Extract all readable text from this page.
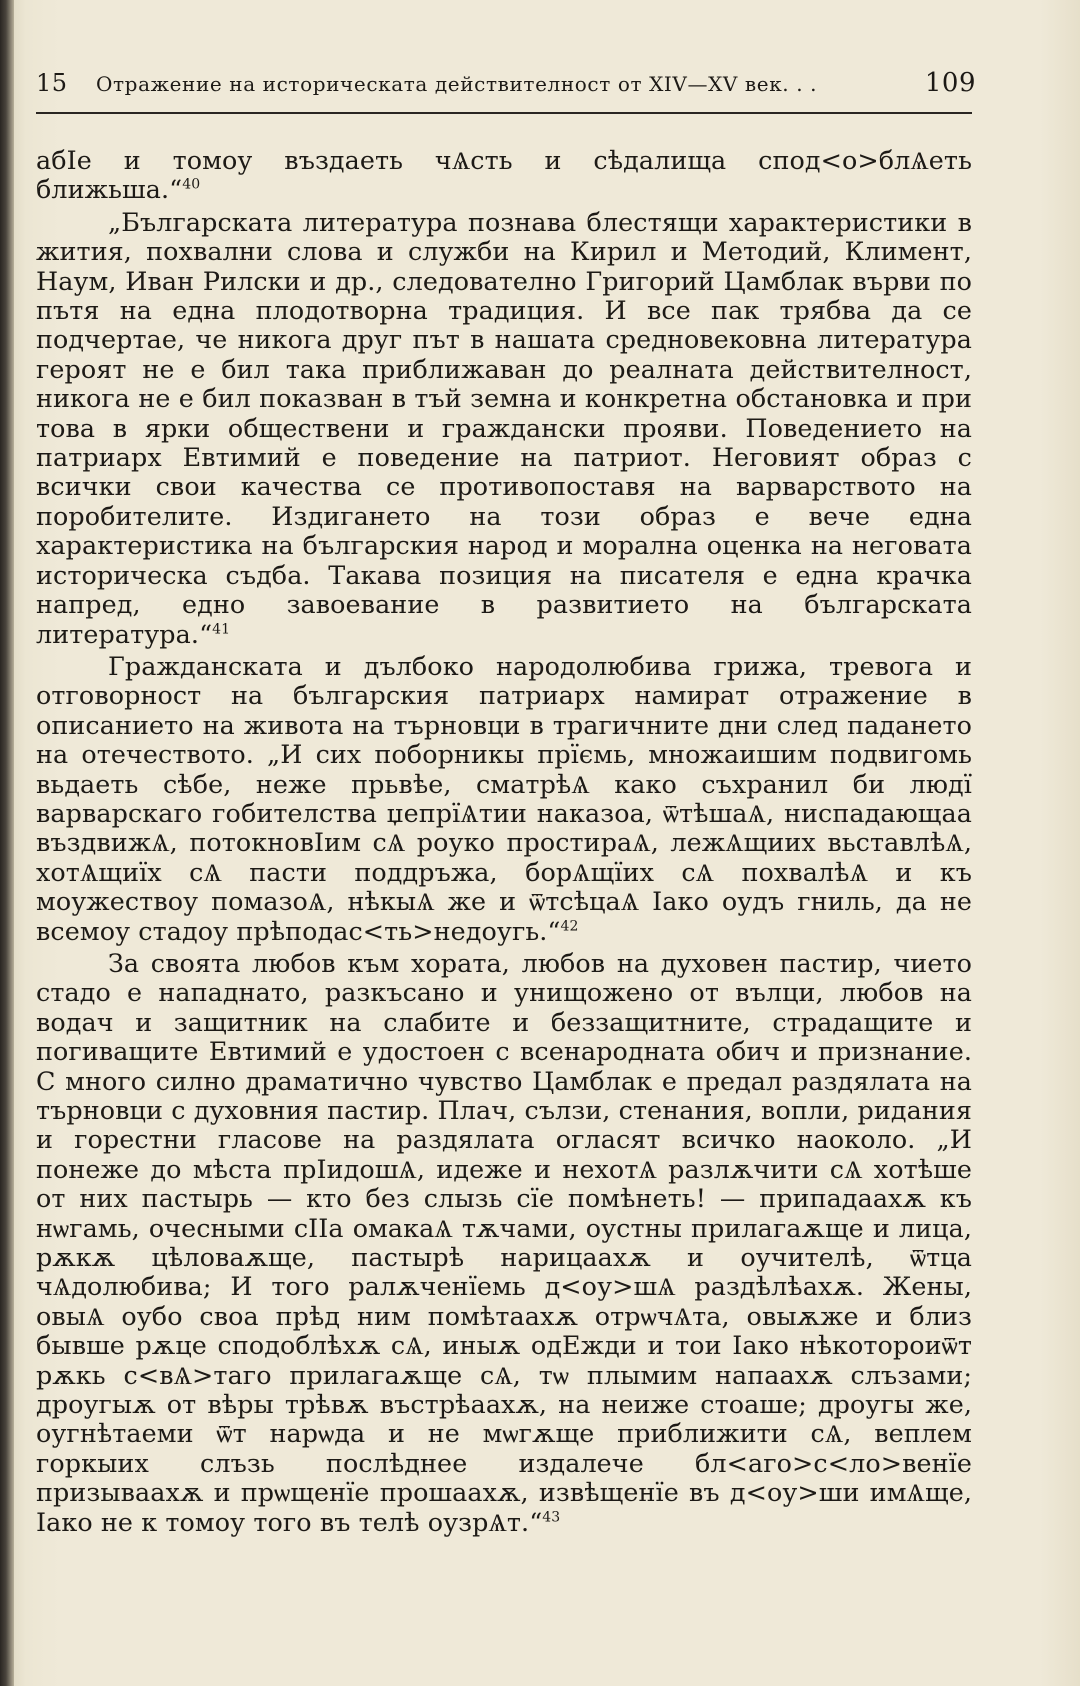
15	Отражение на историческата действителност от XIV—XV век. . .	109

абІе и томоу въздаеть чѦсть и сѣдалища спод<о>блѦеть ближьша.“$^{40}$

„Българската литература познава блестящи характеристики в жития, похвални слова и служби на Кирил и Методий, Климент, Наум, Иван Рилски и др., следователно Григорий Цамблак върви по пътя на една плодотворна традиция. И все пак трябва да се подчертае, че никога друг път в нашата средновековна литература героят не е бил така приближаван до реалната действителност, никога не е бил показван в тъй земна и конкретна обстановка и при това в ярки обществени и граждански прояви. Поведението на патриарх Евтимий е поведение на патриот. Неговият образ с всички свои качества се противопоставя на варварството на поробителите. Издигането на този образ е вече една характеристика на българския народ и морална оценка на неговата историческа съдба. Такава позиция на писателя е една крачка напред, едно завоевание в развитието на българската литература.“$^{41}$

Гражданската и дълбоко народолюбива грижа, тревога и отговорност на българския патриарх намират отражение в описанието на живота на търновци в трагичните дни след падането на отечеството. „И сих поборникы прїємь, множаишим подвигомь вьдаеть сѣбе, неже прьвѣе, сматрѣѦ како съхранил би людї варварскаго гобителства џепрїѦтии наказоа, ѿтѣшаѦ, ниспадающаа въздвижѦ, потокновІим сѦ роуко простираѦ, лежѦщиих вьставлѣѦ, хотѦщиїх сѦ пасти поддръжа, борѦщїих сѦ похвалѣѦ и къ моужествоу помазоѦ, нѣкыѦ же и ѿтсѣцаѦ Іако оудъ гниль, да не всемоу стадоу прѣподас<ть>недоугь.“$^{42}$

За своята любов към хората, любов на духовен пастир, чието стадо е нападнато, разкъсано и унищожено от вълци, любов на водач и защитник на слабите и беззащитните, страдащите и погиващите Евтимий е удостоен с всенародната обич и признание. С много силно драматично чувство Цамблак е предал раздялата на търновци с духовния пастир. Плач, сълзи, стенания, вопли, ридания и горестни гласове на раздялата огласят всичко наоколо. „И понеже до мѣста прІидошѦ, идеже и нехотѦ разлѫчити сѦ хотѣше от них пастырь — кто без слызь сїе помѣнеть! — припадаахѫ къ нѡгамь, очесными сІІа омакаѦ тѫчами, оустны прилагаѫще и лица, рѫкѫ цѣловаѫще, пастырѣ нарицаахѫ и оучителѣ, ѿтца чѦдолюбива; И того ралѫченїемь д<оу>шѦ раздѣлѣахѫ. Жены, овыѦ оубо своа прѣд ним помѣтаахѫ отрѡчѦта, овыѫже и близ бывше рѫце сподоблѣхѫ сѦ, иныѫ одЕжди и тои Іако нѣкотороиѿт рѫкь с<вѦ>таго прилагаѫще сѦ, тѡ плымим напаахѫ слъзами; дроугыѫ от вѣры трѣвѫ въстрѣаахѫ, на неиже стоаше; дроугы же, оугнѣтаеми ѿт нарѡда и не мѡгѫще приближити сѦ, веплем горкыих слъзь послѣднее издалече бл<аго>с<ло>венїе призываахѫ и прѡщенїе прошаахѫ, извѣщенїе въ д<оу>ши имѦще, Іако не к томоу того въ телѣ оузрѦт.“$^{43}$
